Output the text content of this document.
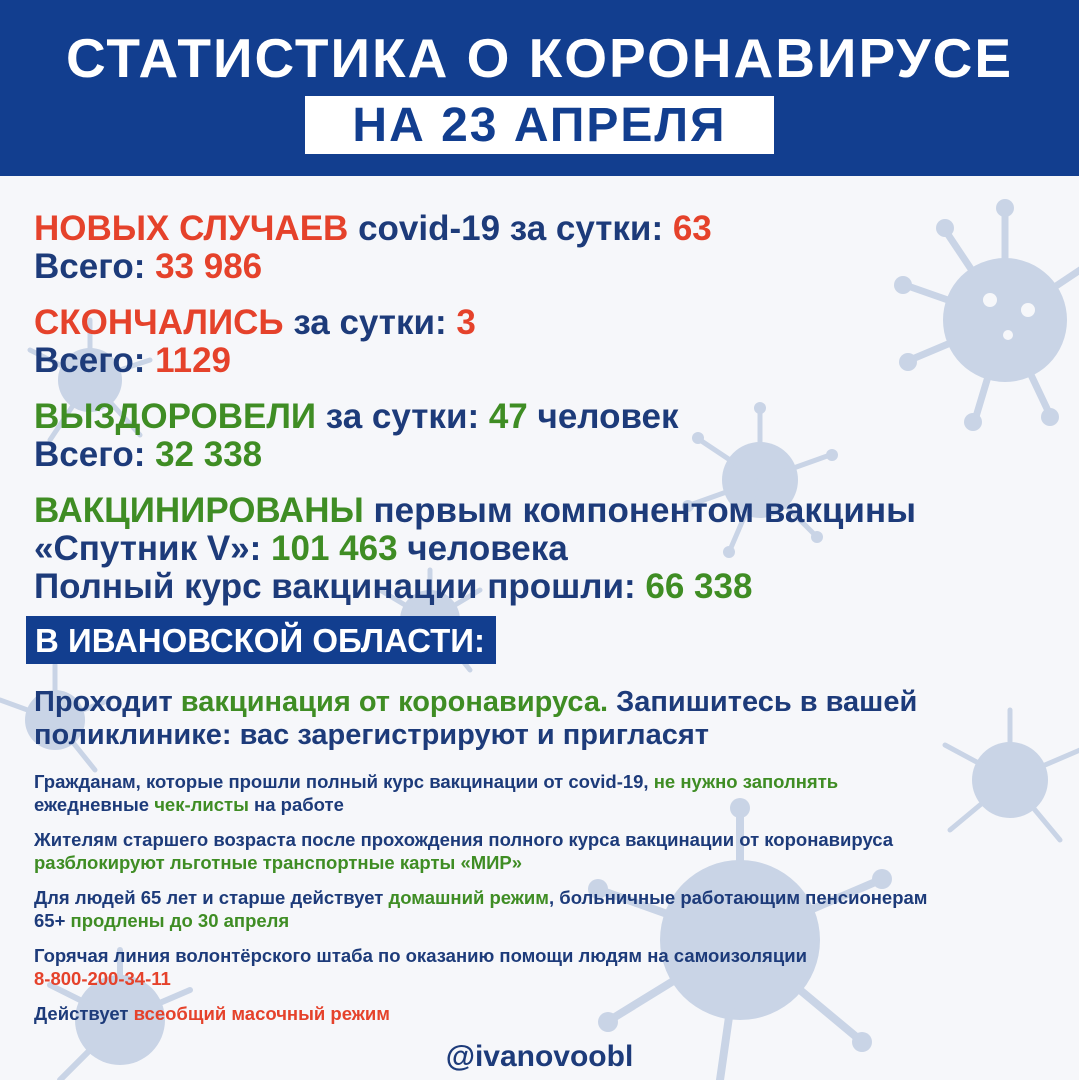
СТАТИСТИКА О КОРОНАВИРУСЕ
НА 23 АПРЕЛЯ
НОВЫХ СЛУЧАЕВ covid-19 за сутки: 63
Всего: 33 986
СКОНЧАЛИСЬ за сутки: 3
Всего: 1129
ВЫЗДОРОВЕЛИ за сутки: 47 человек
Всего: 32 338
ВАКЦИНИРОВАНЫ первым компонентом вакцины
«Спутник V»: 101 463 человека
Полный курс вакцинации прошли: 66 338
В ИВАНОВСКОЙ ОБЛАСТИ:
Проходит вакцинация от коронавируса. Запишитесь в вашей
поликлинике: вас зарегистрируют и пригласят
Гражданам, которые прошли полный курс вакцинации от covid-19, не нужно заполнять
ежедневные чек-листы на работе
Жителям старшего возраста после прохождения полного курса вакцинации от коронавируса
разблокируют льготные транспортные карты «МИР»
Для людей 65 лет и старше действует домашний режим, больничные работающим пенсионерам
65+ продлены до 30 апреля
Горячая линия волонтёрского штаба по оказанию помощи людям на самоизоляции
8-800-200-34-11
Действует всеобщий масочный режим
@ivanovoobl
